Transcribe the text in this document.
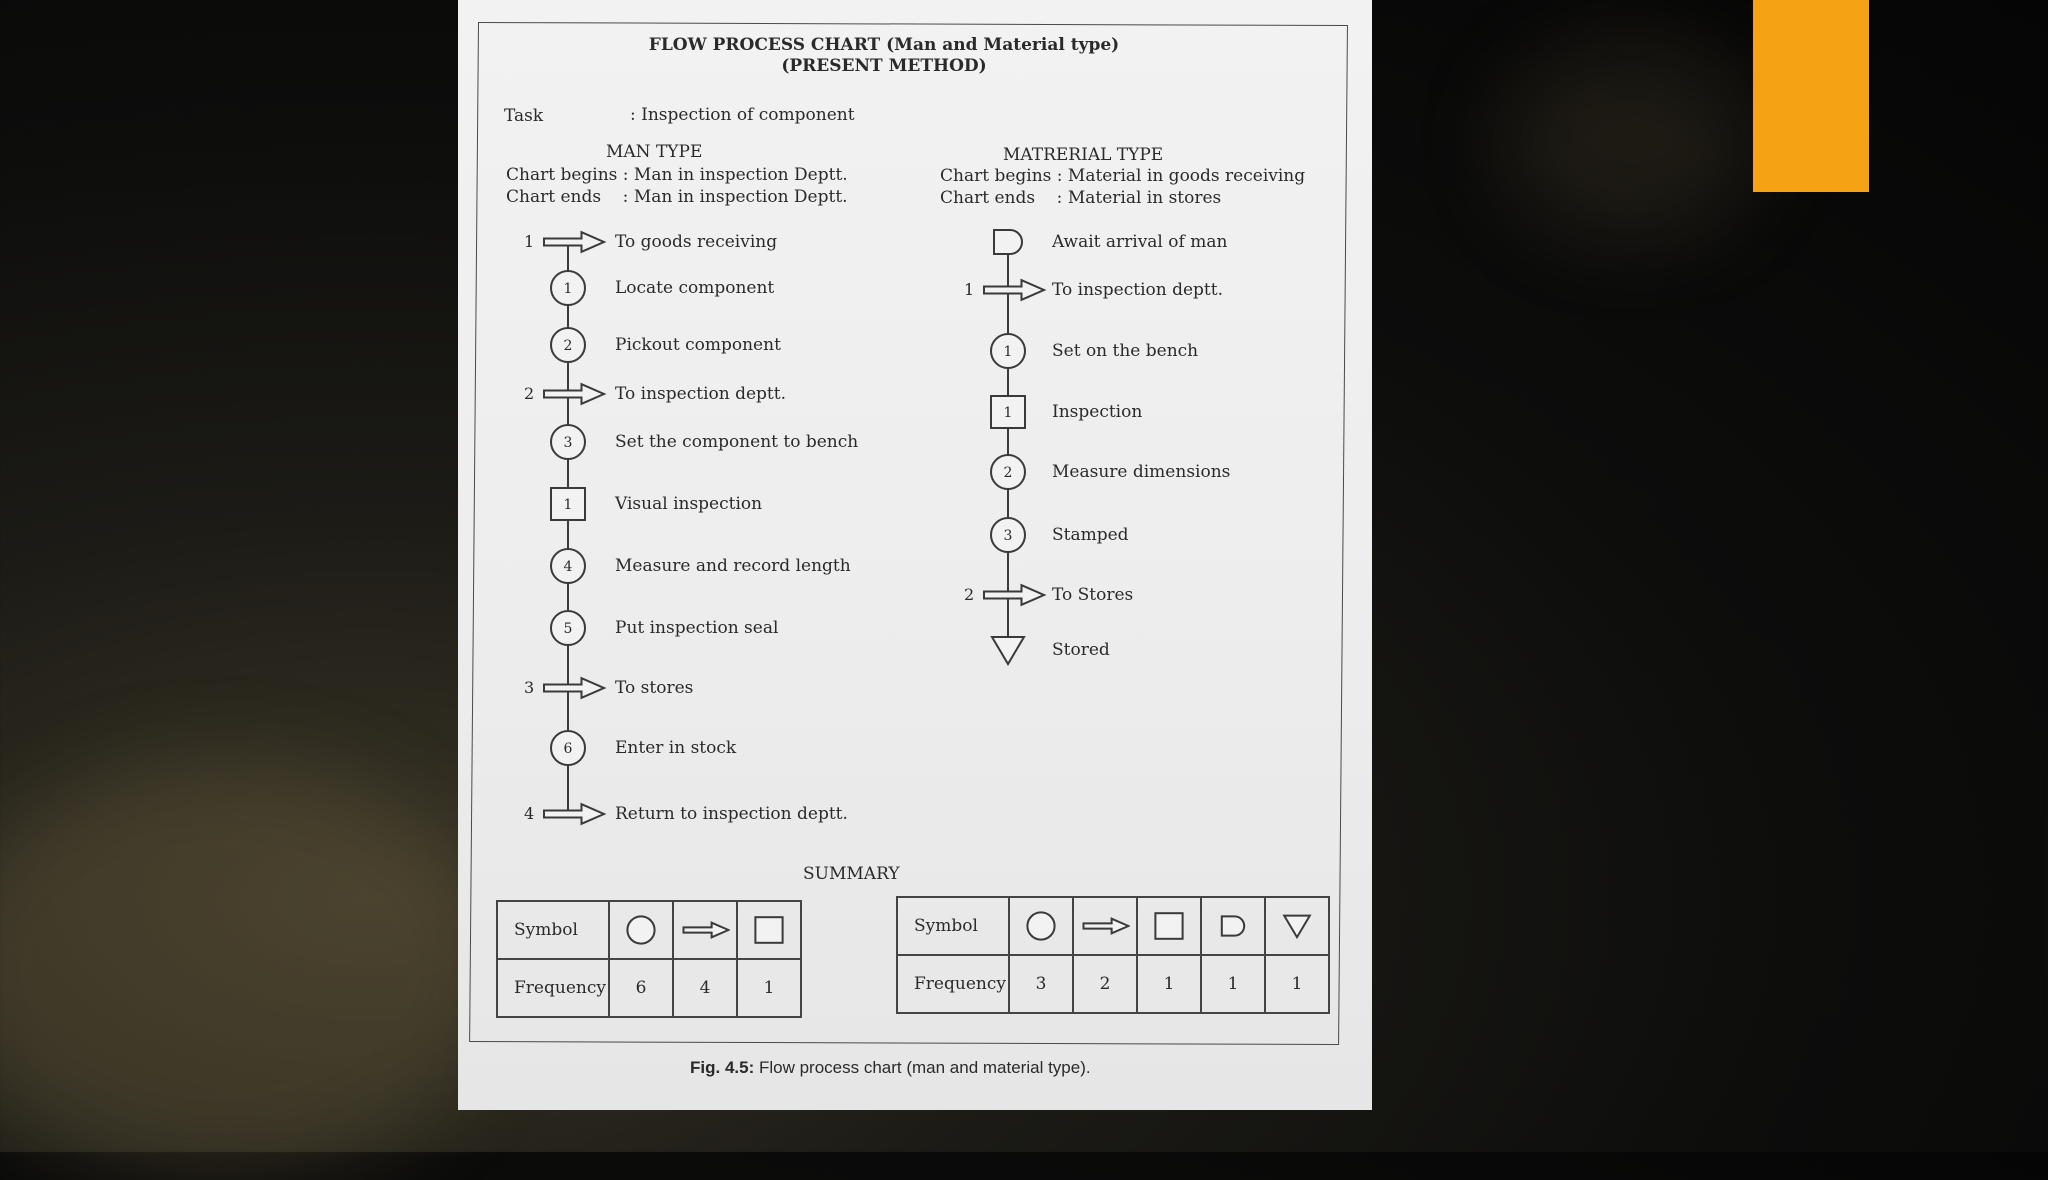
FLOW PROCESS CHART (Man and Material type)
(PRESENT METHOD)
Task	: Inspection of component
MAN TYPE
Chart begins : Man in inspection Deptt.
Chart ends    : Man in inspection Deptt.
MATRERIAL TYPE
Chart begins : Material in goods receiving
Chart ends    : Material in stores
1	To goods receiving
1	Locate component
2	Pickout component
2	To inspection deptt.
3	Set the component to bench
1	Visual inspection
4	Measure and record length
5	Put inspection seal
3	To stores
6	Enter in stock
4	Return to inspection deptt.
Await arrival of man
1	To inspection deptt.
1 Set on the bench
1 Inspection
2 Measure dimensions
3 Stamped
2	To Stores
Stored
SUMMARY
Symbol			
Frequency	6	4	1
Symbol					
Frequency	3	2	1	1	1
Fig. 4.5: Flow process chart (man and material type).
